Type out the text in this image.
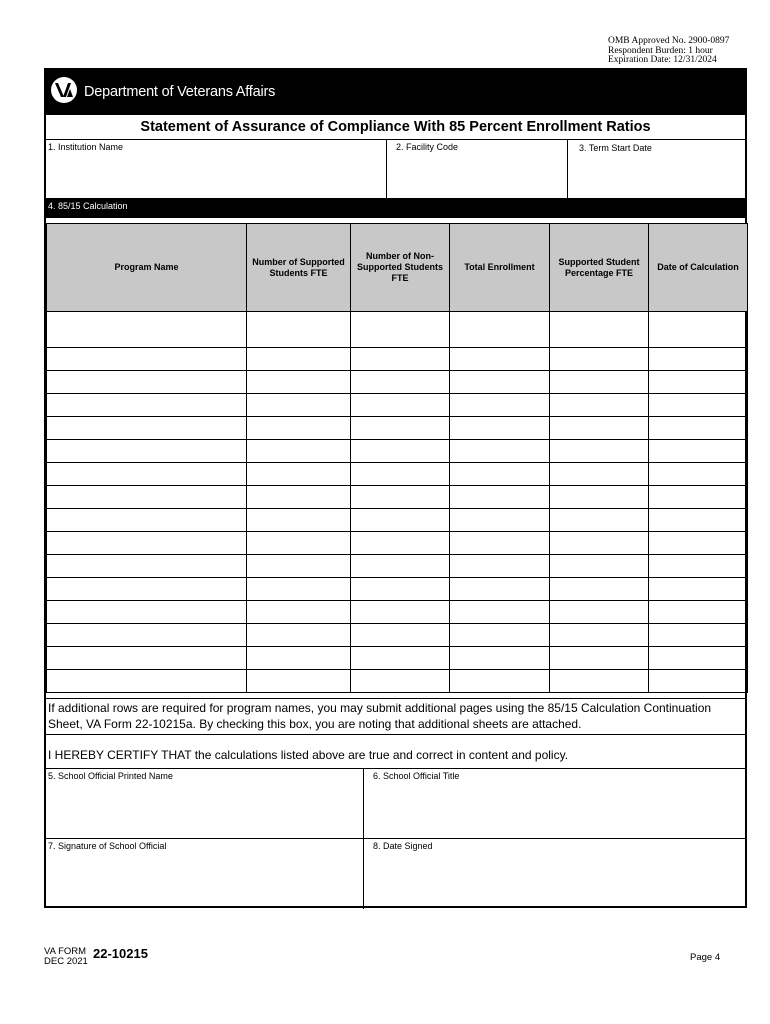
OMB Approved No. 2900-0897
Respondent Burden: 1 hour
Expiration Date: 12/31/2024
Department of Veterans Affairs
Statement of Assurance of Compliance With 85 Percent Enrollment Ratios
1. Institution Name	2. Facility Code	3. Term Start Date
4. 85/15 Calculation
Program Name	Number of Supported Students FTE	Number of Non-Supported Students FTE	Total Enrollment	Supported Student Percentage FTE	Date of Calculation

If additional rows are required for program names, you may submit additional pages using the 85/15 Calculation Continuation Sheet, VA Form 22-10215a. By checking this box, you are noting that additional sheets are attached.
I HEREBY CERTIFY THAT the calculations listed above are true and correct in content and policy.
5. School Official Printed Name	6. School Official Title
7. Signature of School Official	8. Date Signed
VA FORM
DEC 2021
22-10215	Page 4
